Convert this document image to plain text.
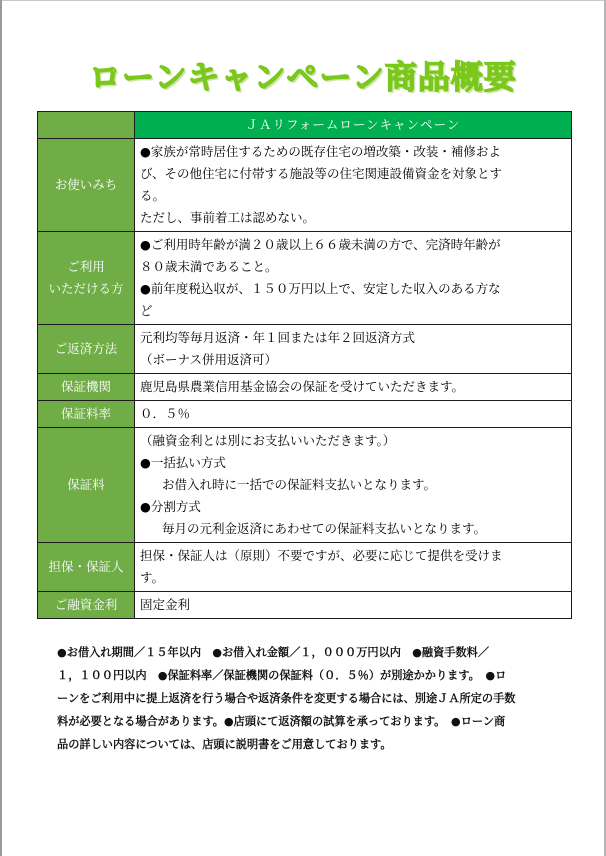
ローンキャンペーン商品概要
	ＪＡリフォームローンキャンペーン
お使いみち	●家族が常時居住するための既存住宅の増改築・改装・補修およ
び、その他住宅に付帯する施設等の住宅関連設備資金を対象とす
る。
ただし、事前着工は認めない。

ご利用
いただける方	●ご利用時年齢が満２０歳以上６６歳未満の方で、完済時年齢が
８０歳未満であること。
●前年度税込収が、１５０万円以上で、安定した収入のある方な
ど

ご返済方法	元利均等毎月返済・年１回または年２回返済方式
（ボーナス併用返済可）

保証機関	鹿児島県農業信用基金協会の保証を受けていただきます。
保証料率	０．５％
保証料	（融資金利とは別にお支払いいただきます。）
●一括払い方式
お借入れ時に一括での保証料支払いとなります。
●分割方式
毎月の元利金返済にあわせての保証料支払いとなります。

担保・保証人	担保・保証人は（原則）不要ですが、必要に応じて提供を受けま
す。

ご融資金利	固定金利
●お借入れ期間／１５年以内　●お借入れ金額／１，０００万円以内　●融資手数料／
１，１００円以内　●保証料率／保証機関の保証料（０．５％）が別途かかります。　●ロ
ーンをご利用中に提上返済を行う場合や返済条件を変更する場合には、別途ＪＡ所定の手数
料が必要となる場合があります。●店頭にて返済額の試算を承っております。　●ローン商
品の詳しい内容については、店頭に説明書をご用意しております。
